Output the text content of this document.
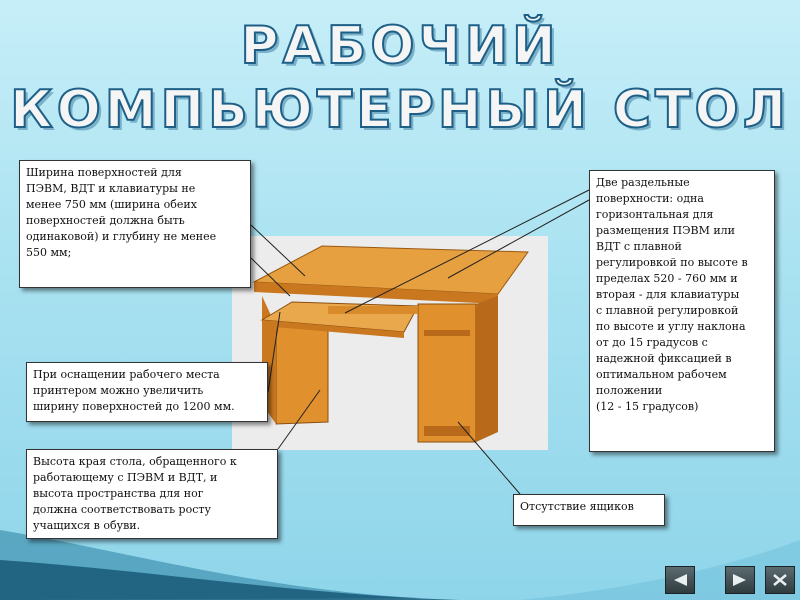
РАБОЧИЙ
КОМПЬЮТЕРНЫЙ СТОЛ
Ширина поверхностей для
ПЭВМ, ВДТ и клавиатуры не
менее 750 мм (ширина обеих
поверхностей должна быть
одинаковой) и глубину не менее
550 мм;
Две раздельные
поверхности: одна
горизонтальная для
размещения ПЭВМ или
ВДТ с плавной
регулировкой по высоте в
пределах 520 - 760 мм и
вторая - для клавиатуры
с плавной регулировкой
по высоте и углу наклона
от до 15 градусов с
надежной фиксацией в
оптимальном рабочем
положении
(12 - 15 градусов)
При оснащении рабочего места
принтером можно увеличить
ширину поверхностей до 1200 мм.
Высота края стола, обращенного к
работающему с ПЭВМ и ВДТ, и
высота пространства для ног
должна соответствовать росту
учащихся в обуви.
Отсутствие ящиков
